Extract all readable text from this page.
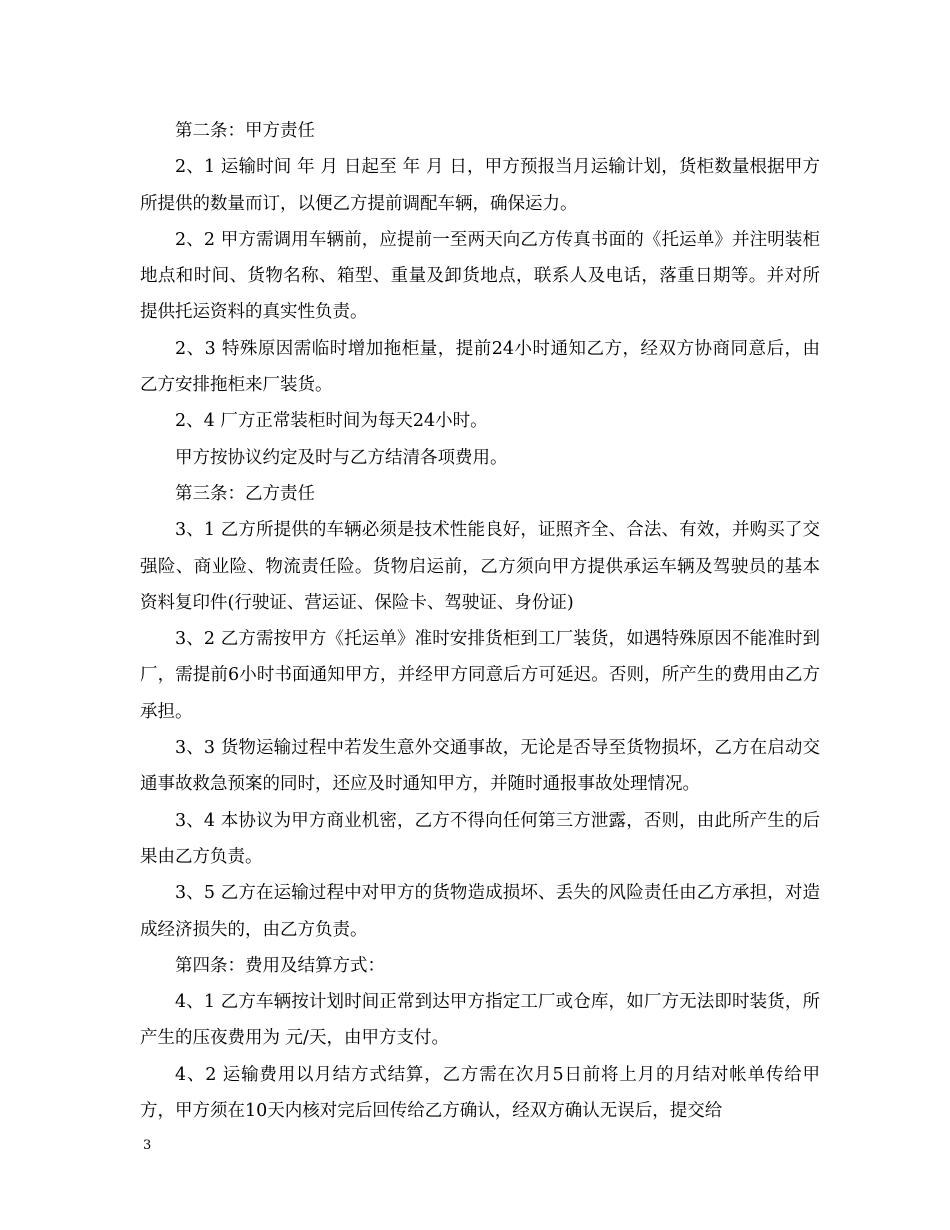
第二条：甲方责任

2、1 运输时间 年 月 日起至 年 月 日，甲方预报当月运输计划，货柜数量根据甲方所提供的数量而订，以便乙方提前调配车辆，确保运力。

2、2 甲方需调用车辆前，应提前一至两天向乙方传真书面的《托运单》并注明装柜地点和时间、货物名称、箱型、重量及卸货地点，联系人及电话，落重日期等。并对所提供托运资料的真实性负责。

2、3 特殊原因需临时增加拖柜量，提前24小时通知乙方，经双方协商同意后，由乙方安排拖柜来厂装货。

2、4 厂方正常装柜时间为每天24小时。

甲方按协议约定及时与乙方结清各项费用。

第三条：乙方责任

3、1 乙方所提供的车辆必须是技术性能良好，证照齐全、合法、有效，并购买了交强险、商业险、物流责任险。货物启运前，乙方须向甲方提供承运车辆及驾驶员的基本资料复印件(行驶证、营运证、保险卡、驾驶证、身份证)

3、2 乙方需按甲方《托运单》准时安排货柜到工厂装货，如遇特殊原因不能准时到厂，需提前6小时书面通知甲方，并经甲方同意后方可延迟。否则，所产生的费用由乙方承担。

3、3 货物运输过程中若发生意外交通事故，无论是否导至货物损坏，乙方在启动交通事故救急预案的同时，还应及时通知甲方，并随时通报事故处理情况。

3、4 本协议为甲方商业机密，乙方不得向任何第三方泄露，否则，由此所产生的后果由乙方负责。

3、5 乙方在运输过程中对甲方的货物造成损坏、丢失的风险责任由乙方承担，对造成经济损失的，由乙方负责。

第四条：费用及结算方式：

4、1 乙方车辆按计划时间正常到达甲方指定工厂或仓库，如厂方无法即时装货，所产生的压夜费用为 元/天，由甲方支付。

4、2 运输费用以月结方式结算，乙方需在次月5日前将上月的月结对帐单传给甲方，甲方须在10天内核对完后回传给乙方确认，经双方确认无误后，提交给

3
